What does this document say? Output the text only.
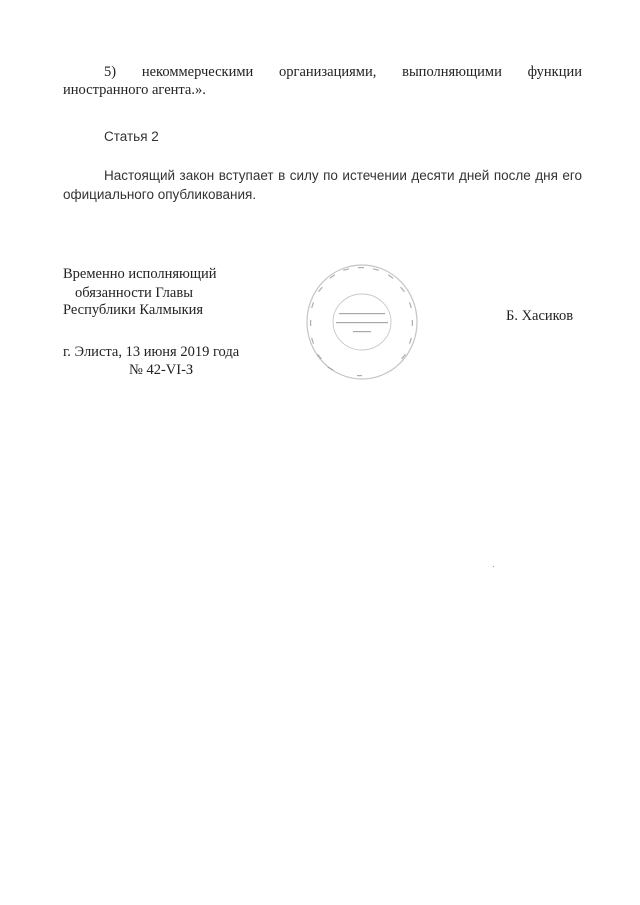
5) некоммерческими организациями, выполняющими функции
иностранного агента.».
Статья 2
Настоящий закон вступает в силу по истечении десяти дней после дня его
официального опубликования.
Временно исполняющий
обязанности Главы
Республики Калмыкия	Б. Хасиков
г. Элиста, 13 июня 2019 года
№ 42-VI-З
